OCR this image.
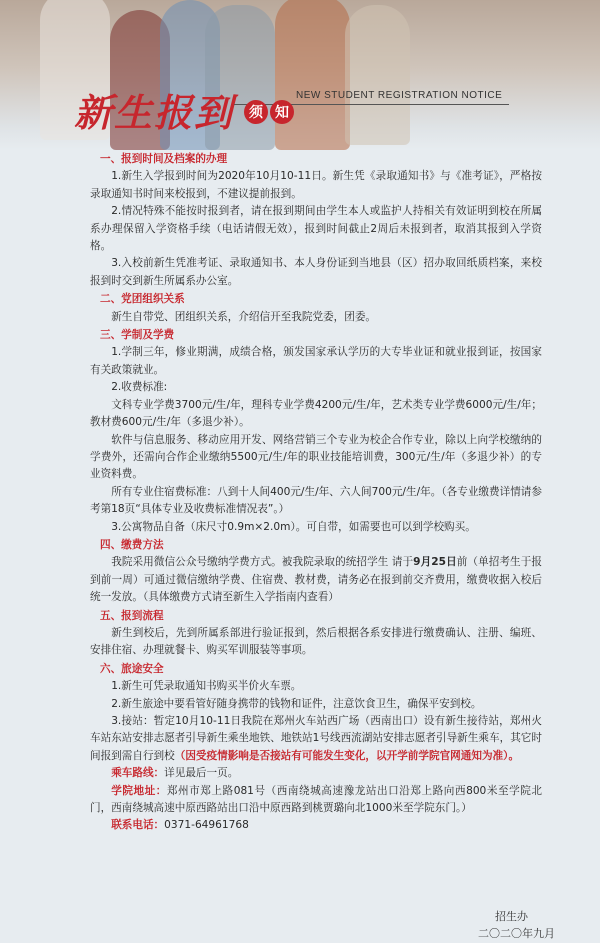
新生报到	NEW STUDENT REGISTRATION NOTICE
须 知
一、报到时间及档案的办理

1.新生入学报到时间为2020年10月10-11日。新生凭《录取通知书》与《准考证》，严格按录取通知书时间来校报到，不建议提前报到。

2.情况特殊不能按时报到者，请在报到期间由学生本人或监护人持相关有效证明到校在所属系办理保留入学资格手续（电话请假无效），报到时间截止2周后未报到者，取消其报到入学资格。

3.入校前新生凭准考证、录取通知书、本人身份证到当地县（区）招办取回纸质档案，来校报到时交到新生所属系办公室。

二、党团组织关系

新生自带党、团组织关系，介绍信开至我院党委，团委。

三、学制及学费

1.学制三年，修业期满，成绩合格，颁发国家承认学历的大专毕业证和就业报到证，按国家有关政策就业。

2.收费标准:

文科专业学费3700元/生/年，理科专业学费4200元/生/年，艺术类专业学费6000元/生/年；教材费600元/生/年（多退少补）。

软件与信息服务、移动应用开发、网络营销三个专业为校企合作专业，除以上向学校缴纳的学费外，还需向合作企业缴纳5500元/生/年的职业技能培训费，300元/生/年（多退少补）的专业资料费。

所有专业住宿费标准：八到十人间400元/生/年、六人间700元/生/年。（各专业缴费详情请参考第18页“具体专业及收费标准情况表”。）

3.公寓物品自备（床尺寸0.9m×2.0m）。可自带，如需要也可以到学校购买。

四、缴费方法

我院采用微信公众号缴纳学费方式。被我院录取的统招学生 请于9月25日前（单招考生于报到前一周）可通过微信缴纳学费、住宿费、教材费，请务必在报到前交齐费用，缴费收据入校后统一发放。（具体缴费方式请至新生入学指南内查看）

五、报到流程

新生到校后，先到所属系部进行验证报到，然后根据各系安排进行缴费确认、注册、编班、安排住宿、办理就餐卡、购买军训服装等事项。

六、旅途安全

1.新生可凭录取通知书购买半价火车票。

2.新生旅途中要看管好随身携带的钱物和证件，注意饮食卫生，确保平安到校。

3.接站：暂定10月10-11日我院在郑州火车站西广场（西南出口）设有新生接待站，郑州火车站东站安排志愿者引导新生乘坐地铁、地铁站1号线西流湖站安排志愿者引导新生乘车，其它时间报到需自行到校（因受疫情影响是否接站有可能发生变化，以开学前学院官网通知为准）。

乘车路线：详见最后一页。

学院地址：郑州市郑上路081号（西南绕城高速豫龙站出口沿郑上路向西800米至学院北门，西南绕城高速中原西路站出口沿中原西路到桃贾璐向北1000米至学院东门。）

联系电话：0371-64961768

招生办
二〇二〇年九月
